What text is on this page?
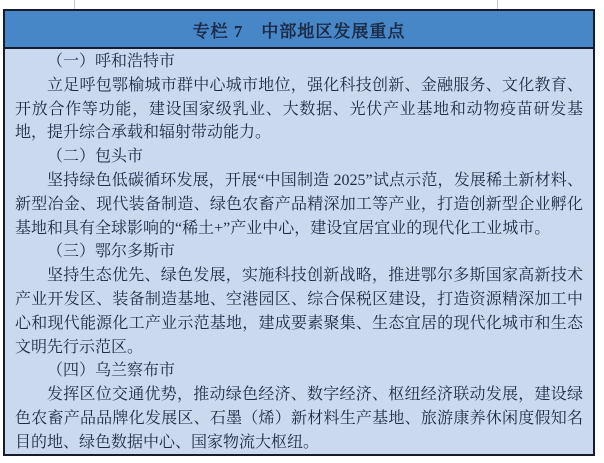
专栏 7　中部地区发展重点

（一）呼和浩特市

立足呼包鄂榆城市群中心城市地位，强化科技创新、金融服务、文化教育、开放合作等功能，建设国家级乳业、大数据、光伏产业基地和动物疫苗研发基地，提升综合承载和辐射带动能力。

（二）包头市

坚持绿色低碳循环发展，开展“中国制造 2025”试点示范，发展稀土新材料、新型冶金、现代装备制造、绿色农畜产品精深加工等产业，打造创新型企业孵化基地和具有全球影响的“稀土+”产业中心，建设宜居宜业的现代化工业城市。

（三）鄂尔多斯市

坚持生态优先、绿色发展，实施科技创新战略，推进鄂尔多斯国家高新技术产业开发区、装备制造基地、空港园区、综合保税区建设，打造资源精深加工中心和现代能源化工产业示范基地，建成要素聚集、生态宜居的现代化城市和生态文明先行示范区。

（四）乌兰察布市

发挥区位交通优势，推动绿色经济、数字经济、枢纽经济联动发展，建设绿色农畜产品品牌化发展区、石墨（烯）新材料生产基地、旅游康养休闲度假知名目的地、绿色数据中心、国家物流大枢纽。
